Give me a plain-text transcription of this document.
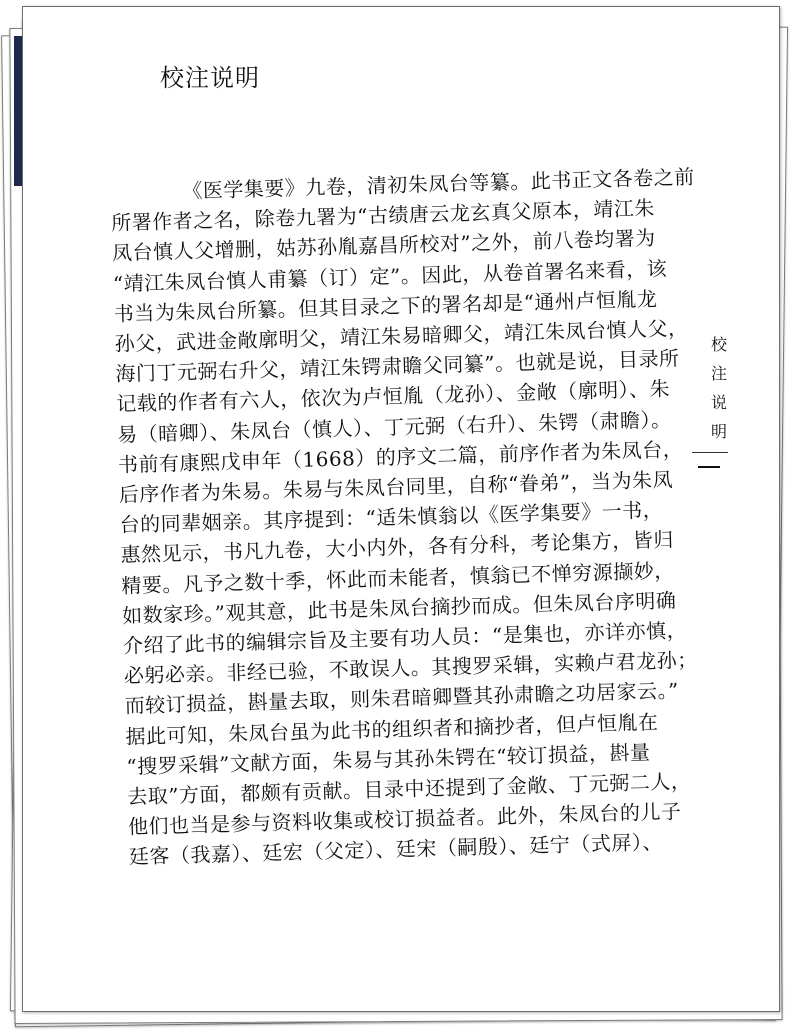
校注说明
校
注
说
明
《医学集要》九卷，清初朱凤台等纂。此书正文各卷之前
所署作者之名，除卷九署为“古绩唐云龙玄真父原本，靖江朱
凤台慎人父增删，姑苏孙胤嘉昌所校对”之外，前八卷均署为
“靖江朱凤台慎人甫纂（订）定”。因此，从卷首署名来看，该
书当为朱凤台所纂。但其目录之下的署名却是“通州卢恒胤龙
孙父，武进金敞廓明父，靖江朱易暗卿父，靖江朱凤台慎人父，
海门丁元弼右升父，靖江朱锷肃瞻父同纂”。也就是说，目录所
记载的作者有六人，依次为卢恒胤（龙孙）、金敞（廓明）、朱
易（暗卿）、朱凤台（慎人）、丁元弼（右升）、朱锷（肃瞻）。
书前有康熙戊申年（1668）的序文二篇，前序作者为朱凤台，
后序作者为朱易。朱易与朱凤台同里，自称“眷弟”，当为朱凤
台的同辈姻亲。其序提到：“适朱慎翁以《医学集要》一书，
惠然见示，书凡九卷，大小内外，各有分科，考论集方，皆归
精要。凡予之数十季，怀此而未能者，慎翁已不惮穷源撷妙，
如数家珍。”观其意，此书是朱凤台摘抄而成。但朱凤台序明确
介绍了此书的编辑宗旨及主要有功人员：“是集也，亦详亦慎，
必躬必亲。非经已验，不敢误人。其搜罗采辑，实赖卢君龙孙；
而较订损益，斟量去取，则朱君暗卿暨其孙肃瞻之功居家云。”
据此可知，朱凤台虽为此书的组织者和摘抄者，但卢恒胤在
“搜罗采辑”文献方面，朱易与其孙朱锷在“较订损益，斟量
去取”方面，都颇有贡献。目录中还提到了金敞、丁元弼二人，
他们也当是参与资料收集或校订损益者。此外，朱凤台的儿子
廷客（我嘉）、廷宏（父定）、廷宋（嗣殷）、廷宁（式屏）、
